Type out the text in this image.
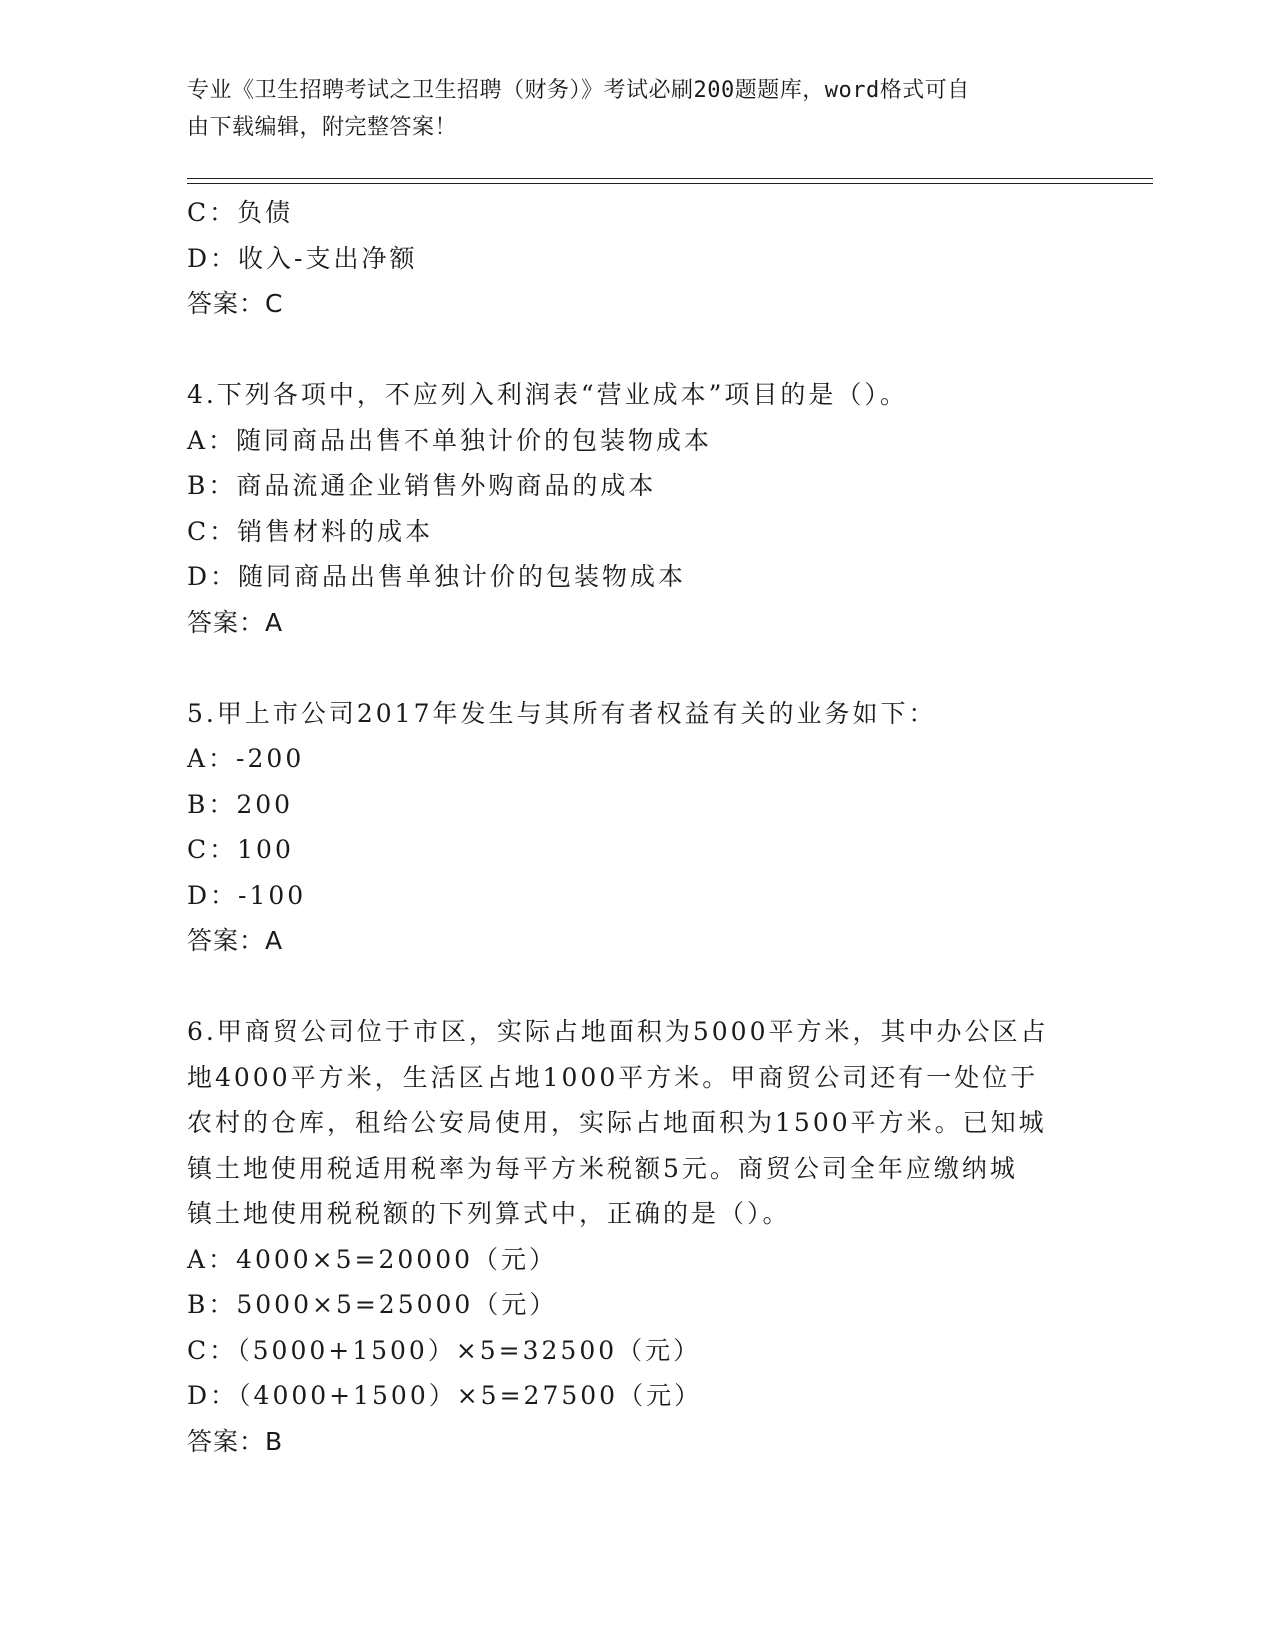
专业《卫生招聘考试之卫生招聘（财务）》考试必刷200题题库，word格式可自
由下载编辑，附完整答案！
C：负债
D：收入-支出净额
答案：C
4.下列各项中，不应列入利润表“营业成本”项目的是（）。
A：随同商品出售不单独计价的包装物成本
B：商品流通企业销售外购商品的成本
C：销售材料的成本
D：随同商品出售单独计价的包装物成本
答案：A
5.甲上市公司2017年发生与其所有者权益有关的业务如下：
A：-200
B：200
C：100
D：-100
答案：A
6.甲商贸公司位于市区，实际占地面积为5000平方米，其中办公区占
地4000平方米，生活区占地1000平方米。甲商贸公司还有一处位于
农村的仓库，租给公安局使用，实际占地面积为1500平方米。已知城
镇土地使用税适用税率为每平方米税额5元。商贸公司全年应缴纳城
镇土地使用税税额的下列算式中，正确的是（）。
A：4000×5=20000（元）
B：5000×5=25000（元）
C：（5000+1500）×5=32500（元）
D：（4000+1500）×5=27500（元）
答案：B
